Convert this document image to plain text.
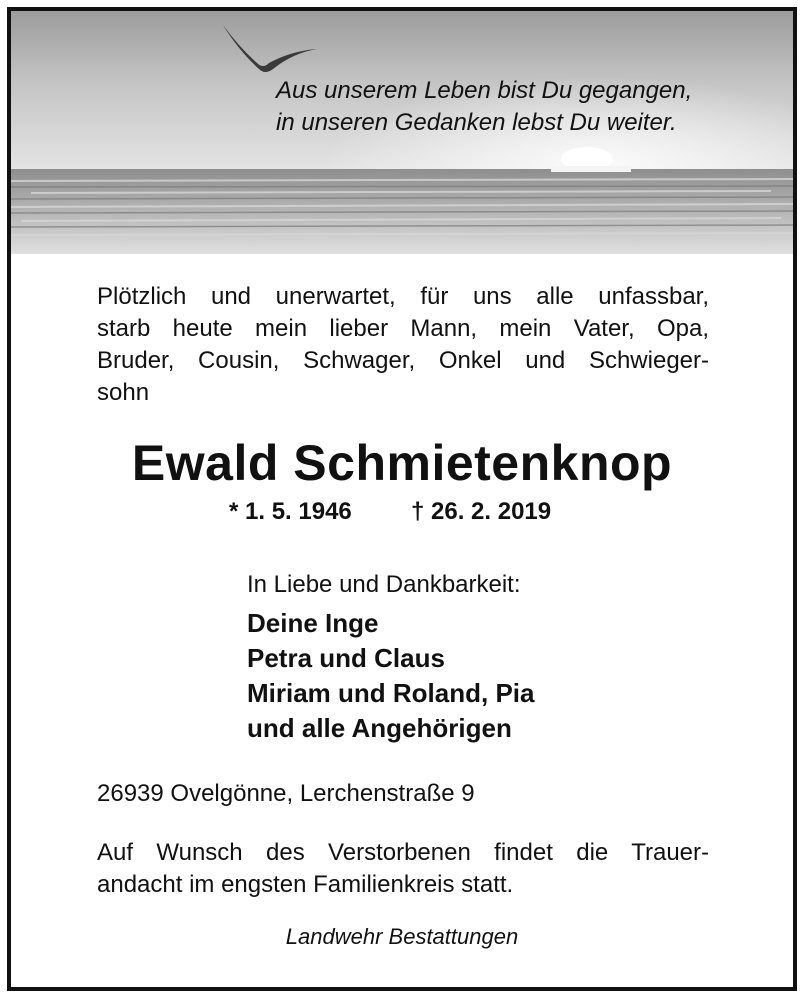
Aus unserem Leben bist Du gegangen,
in unseren Gedanken lebst Du weiter.
Plötzlich und unerwartet, für uns alle unfassbar,
starb heute mein lieber Mann, mein Vater, Opa,
Bruder, Cousin, Schwager, Onkel und Schwieger-
sohn
Ewald Schmietenknop
* 1. 5. 1946 † 26. 2. 2019
In Liebe und Dankbarkeit:
Deine Inge
Petra und Claus
Miriam und Roland, Pia
und alle Angehörigen
26939 Ovelgönne, Lerchenstraße 9
Auf Wunsch des Verstorbenen findet die Trauer-
andacht im engsten Familienkreis statt.
Landwehr Bestattungen
